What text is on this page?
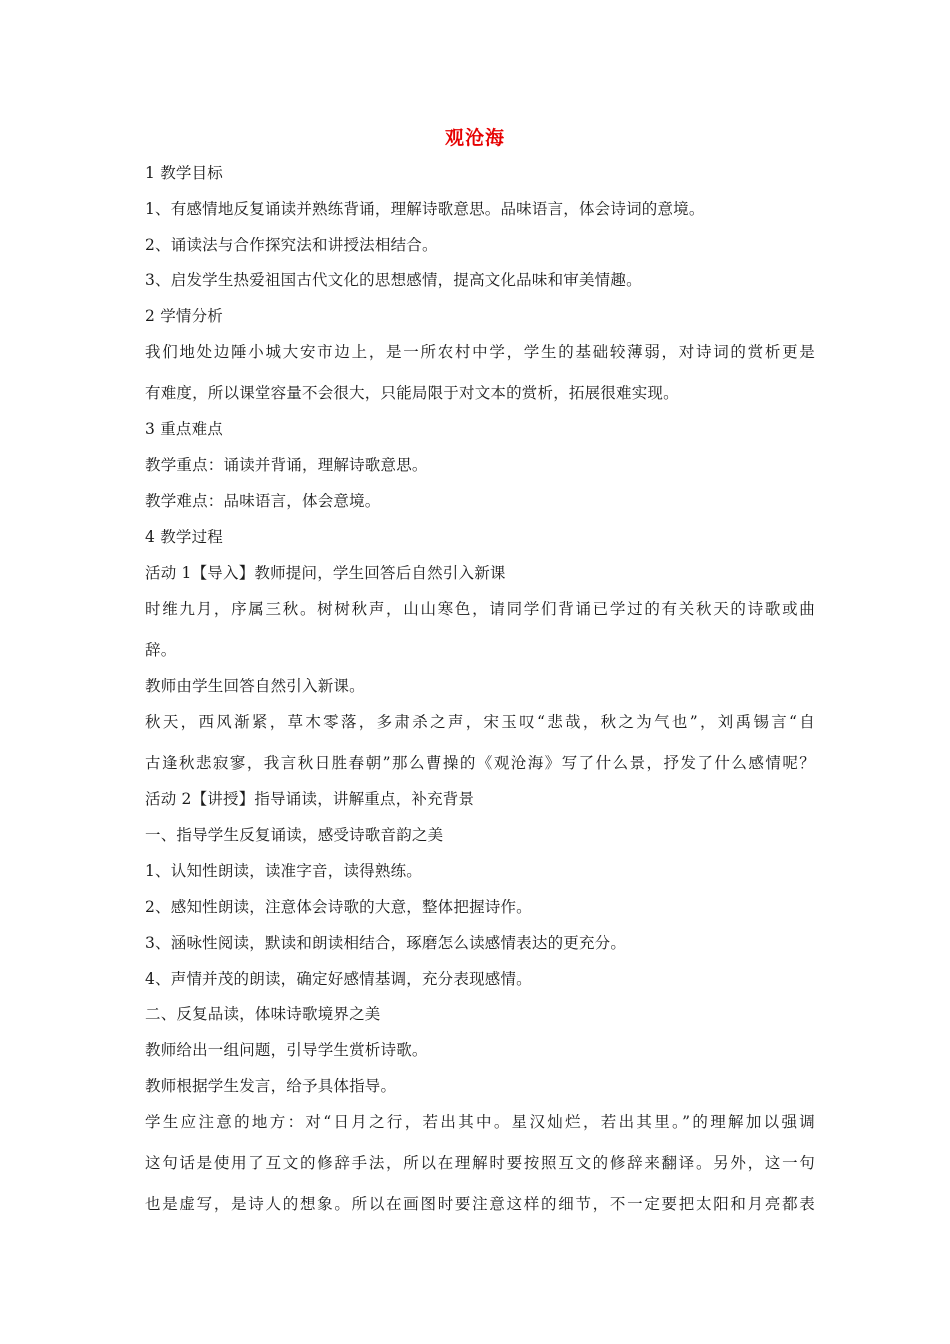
观沧海
1 教学目标
1、有感情地反复诵读并熟练背诵，理解诗歌意思。品味语言，体会诗词的意境。
2、诵读法与合作探究法和讲授法相结合。
3、启发学生热爱祖国古代文化的思想感情，提高文化品味和审美情趣。
2 学情分析
我们地处边陲小城大安市边上，是一所农村中学，学生的基础较薄弱，对诗词的赏析更是
有难度，所以课堂容量不会很大，只能局限于对文本的赏析，拓展很难实现。
3 重点难点
教学重点：诵读并背诵，理解诗歌意思。
教学难点：品味语言，体会意境。
4 教学过程
活动 1【导入】教师提问，学生回答后自然引入新课
时维九月，序属三秋。树树秋声，山山寒色，请同学们背诵已学过的有关秋天的诗歌或曲
辞。
教师由学生回答自然引入新课。
秋天，西风渐紧，草木零落，多肃杀之声，宋玉叹“悲哉，秋之为气也”，刘禹锡言“自
古逢秋悲寂寥，我言秋日胜春朝”那么曹操的《观沧海》写了什么景，抒发了什么感情呢？
活动 2【讲授】指导诵读，讲解重点，补充背景
一、指导学生反复诵读，感受诗歌音韵之美
1、认知性朗读，读准字音，读得熟练。
2、感知性朗读，注意体会诗歌的大意，整体把握诗作。
3、涵咏性阅读，默读和朗读相结合，琢磨怎么读感情表达的更充分。
4、声情并茂的朗读，确定好感情基调，充分表现感情。
二、反复品读，体味诗歌境界之美
教师给出一组问题，引导学生赏析诗歌。
教师根据学生发言，给予具体指导。
学生应注意的地方：对“日月之行，若出其中。星汉灿烂，若出其里。”的理解加以强调
这句话是使用了互文的修辞手法，所以在理解时要按照互文的修辞来翻译。另外，这一句
也是虚写，是诗人的想象。所以在画图时要注意这样的细节，不一定要把太阳和月亮都表
